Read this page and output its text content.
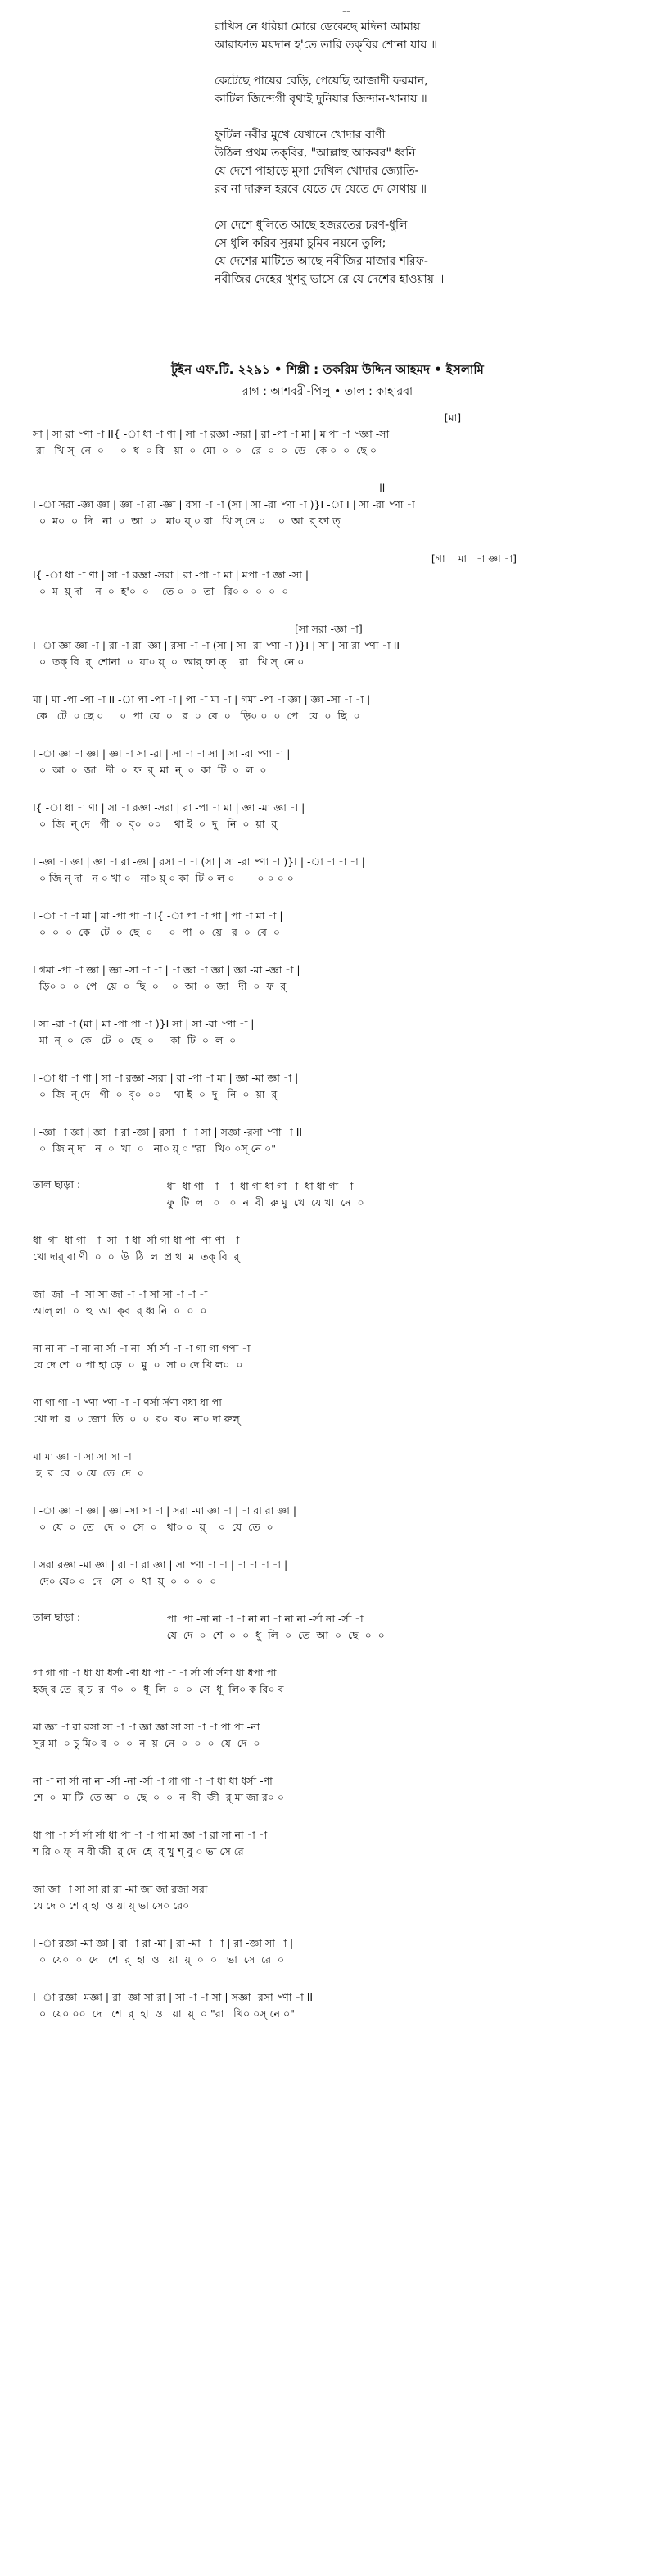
--
রাখিস নে ধরিয়া মোরে ডেকেছে মদিনা আমায়
আরাফাত ময়দান হ'তে তারি তক্‌বির শোনা যায় ॥
কেটেছে পায়ের বেড়ি, পেয়েছি আজাদী ফরমান,
কাটিল জিন্দেগী বৃথাই দুনিয়ার জিন্দান-খানায় ॥
ফুটিল নবীর মুখে যেখানে খোদার বাণী
উঠিল প্রথম তক্‌বির, "আল্লাহু আকবর" ধ্বনি
যে দেশে পাহাড়ে মুসা দেখিল খোদার জ্যোতি-
রব না দারুল হরবে যেতে দে যেতে দে সেথায় ॥
সে দেশে ধুলিতে আছে হজরতের চরণ-ধুলি
সে ধুলি করিব সুরমা চুমিব নয়নে তুলি;
যে দেশের মাটিতে আছে নবীজির মাজার শরিফ-
নবীজির দেহের খুশবু ভাসে রে যে দেশের হাওয়ায় ॥
টুইন এফ.টি. ২২৯১ • শিল্পী : তকরিম উদ্দিন আহমদ • ইসলামি
রাগ : আশবরী-পিলু • তাল : কাহারবা
[মা]
সা | সা রা ৺ণা -া II{ -া ধা -া ণা | সা -া রজ্ঞা -সরা | রা -পা -া মা | ম'পা -া ৺জ্ঞা -সা
রা   খি স্‌  নে  ০     ০  ধ  ০ রি   য়া  ০  মো  ০  ০   রে  ০  ০  ডে   কে ০  ০  ছে ০
ll
I -া সরা -জ্ঞা জ্ঞা | জ্ঞা -া রা -জ্ঞা | রসা -া -া (সা | সা -রা ৺ণা -া )}I -া I | সা -রা ৺ণা -া
০  ম০  ০  দি   না  ০  আ  ০   মা০ য়্‌ ০ রা   খি স্‌ নে ০    ০  আ  র্‌ ফা ত্‌
[গা    মা   -া জ্ঞা -া]
I{ -া ধা -া ণা | সা -া রজ্ঞা -সরা | রা -পা -া মা | মপা -া জ্ঞা -সা |
০  ম  য়্‌ দা    ন  ০  হ'০  ০    তে ০  ০  তা   রি০ ০  ০  ০  ০
[সা সরা -জ্ঞা -া]
I -া জ্ঞা জ্ঞা -া | রা -া রা -জ্ঞা | রসা -া -া (সা | সা -রা ৺ণা -া )}I | সা | সা রা ৺ণা -া II
০  তক্‌ বি  র্‌  শোনা  ০  যা০ য়্‌  ০  আর্‌ ফা ত্‌    রা   খি স্‌  নে ০
মা | মা -পা -পা -া II -া পা -পা -া | পা -া মা -া | গমা -পা -া জ্ঞা | জ্ঞা -সা -া -া |
কে   টে  ০ ছে ০     ০  পা  য়ে  ০   র  ০  বে  ০   ড়ি০ ০  ০  পে   য়ে  ০  ছি  ০
I -া জ্ঞা -া জ্ঞা | জ্ঞা -া সা -রা | সা -া -া সা | সা -রা ৺ণা -া |
০  আ  ০  জা   দী  ০  ফ  র্‌  মা  ন্‌  ০  কা  টি  ০  ল  ০
I{ -া ধা -া ণা | সা -া রজ্ঞা -সরা | রা -পা -া মা | জ্ঞা -মা জ্ঞা -া |
০  জি  ন্‌ দে   গী  ০  বৃ০  ০০    থা ই  ০  দু   নি  ০  য়া  র্‌
I -জ্ঞা -া জ্ঞা | জ্ঞা -া রা -জ্ঞা | রসা -া -া (সা | সা -রা ৺ণা -া )}I | -া -া -া -া |
০ জি ন্‌ দা   ন ০ খা ০   না০ য়্‌ ০ কা  টি ০ ল ০       ০ ০ ০ ০
I -া -া -া মা | মা -পা পা -া I{ -া পা -া পা | পা -া মা -া |
০  ০  ০  কে   টে  ০  ছে  ০     ০  পা  ০  য়ে   র  ০  বে  ০
I গমা -পা -া জ্ঞা | জ্ঞা -সা -া -া | -া জ্ঞা -া জ্ঞা | জ্ঞা -মা -জ্ঞা -া |
ড়ি০ ০  ০  পে   য়ে  ০  ছি  ০    ০  আ  ০  জা   দী  ০  ফ  র্‌
I সা -রা -া (মা | মা -পা পা -া )}I সা | সা -রা ৺ণা -া |
মা  ন্‌  ০  কে   টে  ০  ছে  ০     কা  টি  ০  ল  ০
I -া ধা -া ণা | সা -া রজ্ঞা -সরা | রা -পা -া মা | জ্ঞা -মা জ্ঞা -া |
০  জি  ন্‌ দে   গী  ০  বৃ০  ০০    থা ই  ০  দু   নি  ০  য়া  র্‌
I -জ্ঞা -া জ্ঞা | জ্ঞা -া রা -জ্ঞা | রসা -া -া সা | সজ্ঞা -রসা ৺ণা -া II
০  জি ন্‌ দা   ন  ০  খা  ০   না০ য়্‌ ০ "রা   খি০ ০স্‌ নে ০"
তাল ছাড়া :	ধা  ধা গা  -া  -া  ধা গা ধা গা -া  ধা ধা গা  -া
ফু  টি  ল   ০   ০  ন  বী  রু মু  খে  যে খা  নে  ০
ধা  গা  ধা গা  -া  সা -া ধা  র্সা গা ধা পা  পা পা  -া
খো দার্‌ বা ণী  ০  ০  উ  ঠি  ল  প্র থ  ম  তক্‌ বি  র্‌
জা  জা  -া  সা সা জা -া -া সা সা -া -া -া
আল্ লা  ০  হু  আ  ক্‌ব  র্‌ ধ্ব নি  ০  ০  ০
না না না -া না না র্সা -া না -র্সা র্সা -া -া গা গা গপা -া
যে দে শে  ০ পা হা ড়ে  ০  মু  ০  সা ০ দে খি ল০  ০
ণা গা গা -া ৺ণা ৺ণা -া -া ণর্সা র্সণা ণধা ধা পা
খো দা  র  ০ জ্যো  তি  ০  ০  র০  ব০  না০ দা রুল্‌
মা মা জ্ঞা -া সা সা সা -া
হ  র  বে  ০ যে  তে  দে  ০
I -া জ্ঞা -া জ্ঞা | জ্ঞা -সা সা -া | সরা -মা জ্ঞা -া | -া রা রা জ্ঞা |
০  যে  ০  তে   দে  ০  সে  ০   থা০ ০  য়্‌    ০  যে  তে  ০
I সরা রজ্ঞা -মা জ্ঞা | রা -া রা জ্ঞা | সা ৺ণা -া -া | -া -া -া -া |
দে০ যে০ ০  দে   সে  ০  থা  য়্‌  ০  ০  ০  ০
তাল ছাড়া :	পা  পা -না না -া -া না না -া না না -র্সা না -র্সা -া
যে  দে  ০  শে  ০  ০  ধু  লি  ০  তে  আ  ০  ছে  ০  ০
গা গা গা -া ধা ধা ধর্সা -ণা ধা পা -া -া র্সা র্সা র্সণা ধা ধপা পা
হজ্‌ র তে  র্‌ চ  র  ণ০  ০  ধূ  লি  ০  ০  সে  ধূ  লি০ ক রি০ ব
মা জ্ঞা -া রা রসা সা -া -া জ্ঞা জ্ঞা সা সা -া -া পা পা -না
সুর মা  ০ চু মি০ ব  ০  ০  ন  য়  নে  ০  ০  ০  যে  দে  ০
না -া না র্সা না না -র্সা -না -র্সা -া গা গা -া -া ধা ধা ধর্সা -ণা
শে  ০  মা টি  তে আ  ০  ছে  ০  ০  ন  বী  জী  র্‌ মা জা র০ ০
ধা পা -া র্সা র্সা র্সা ধা পা -া -া পা মা জ্ঞা -া রা সা না -া -া
শ রি ০ ফ্‌  ন বী জী  র্‌ দে  হে  র্‌ খু শ্‌ বু ০ ভা সে রে
জা জা -া সা সা রা রা -মা জা জা রজা সরা
যে দে ০ শে র্‌ হা  ও য়া য়্‌ ভা সে০ রে০
I -া রজ্ঞা -মা জ্ঞা | রা -া রা -মা | রা -মা -া -া | রা -জ্ঞা সা -া |
০  যে০  ০  দে   শে  র্‌  হা  ও   য়া  য়্‌  ০  ০   ভা  সে  রে  ০
I -া রজ্ঞা -মজ্ঞা | রা -জ্ঞা সা রা | সা -া -া সা | সজ্ঞা -রসা ৺ণা -া II
০  যে০ ০০  দে   শে  র্‌  হা  ও   য়া  য়্‌  ০ "রা   খি০ ০স্‌ নে ০"
